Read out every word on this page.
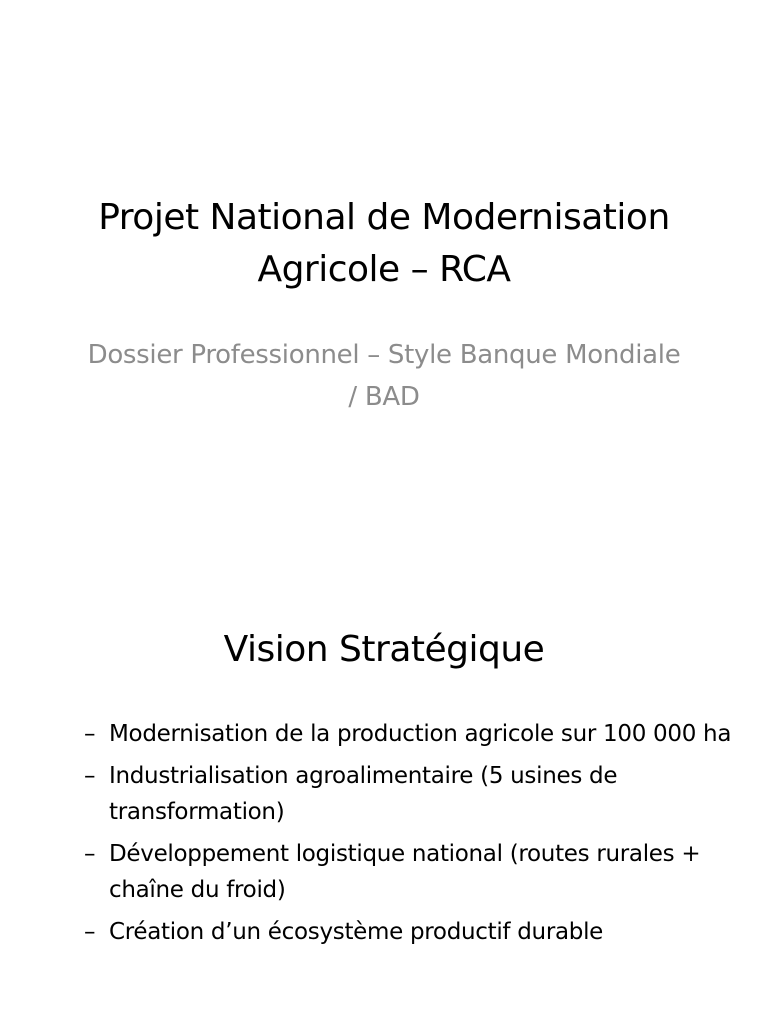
Projet National de Modernisation Agricole – RCA

Dossier Professionnel – Style Banque Mondiale / BAD

Vision Stratégique
– Modernisation de la production agricole sur 100 000 ha
– Industrialisation agroalimentaire (5 usines de transformation)
– Développement logistique national (routes rurales + chaîne du froid)
– Création d’un écosystème productif durable
